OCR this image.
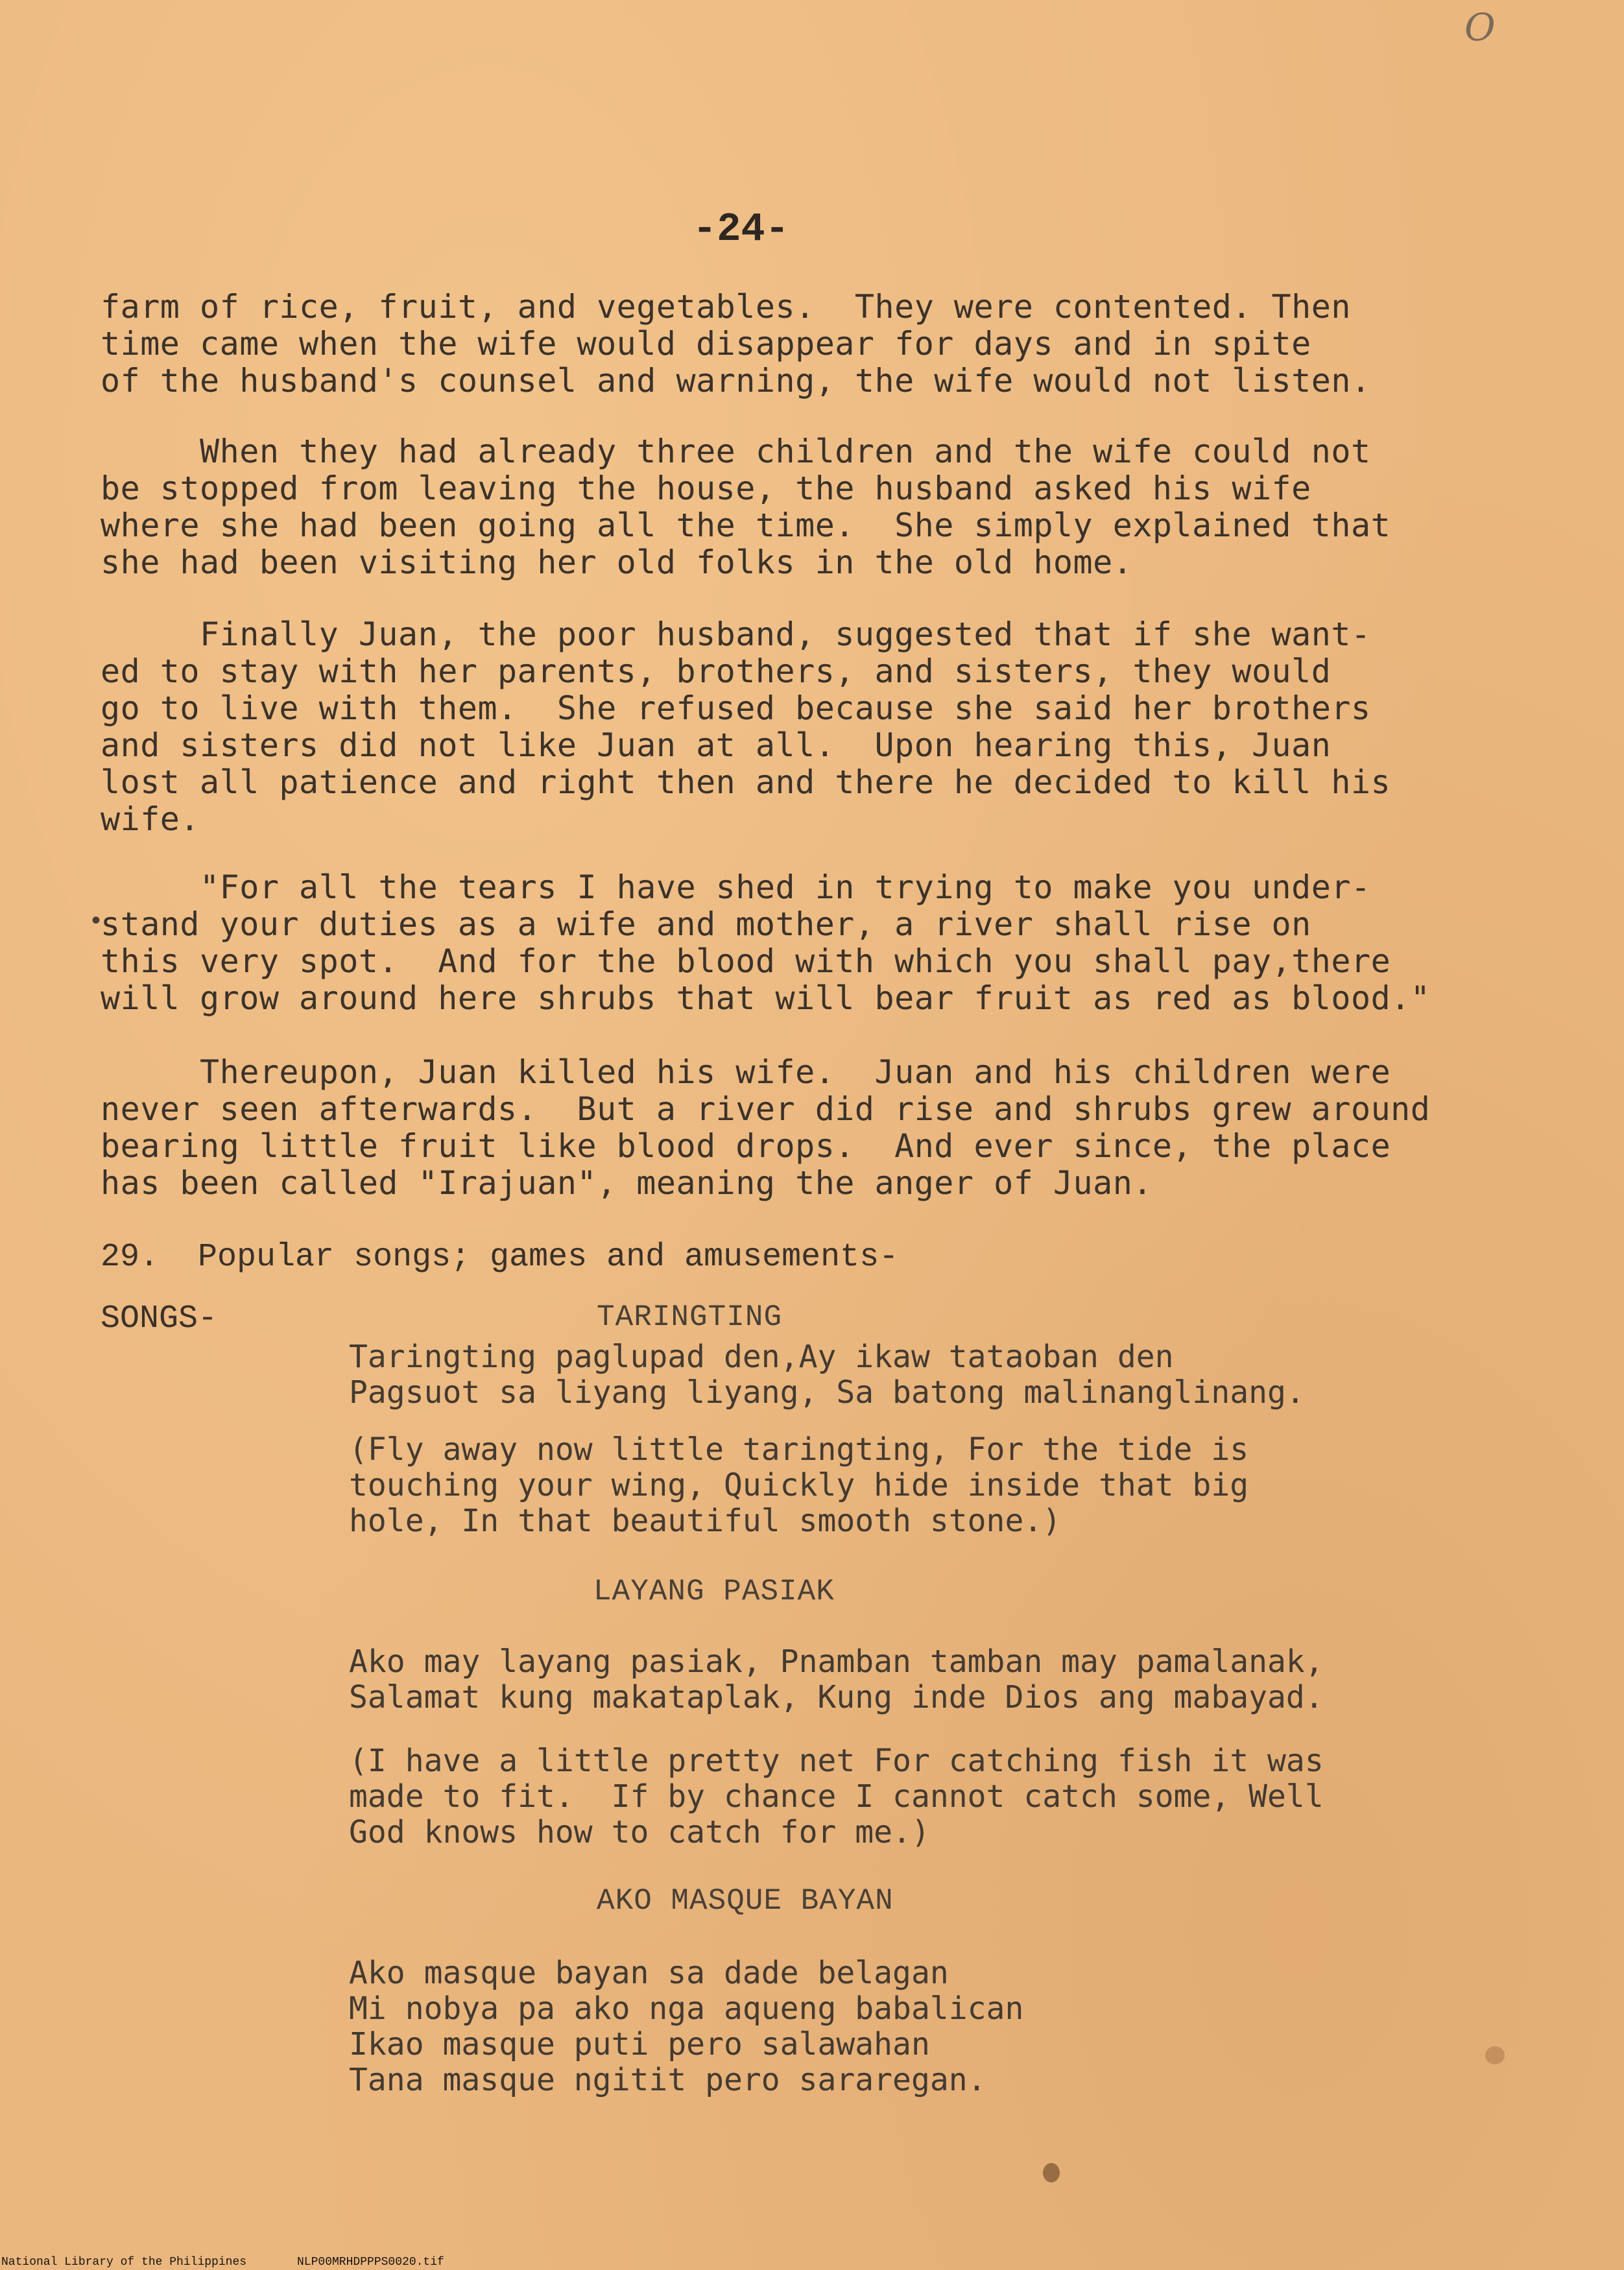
O
-24-
farm of rice, fruit, and vegetables.  They were contented. Then
time came when the wife would disappear for days and in spite
of the husband's counsel and warning, the wife would not listen.
When they had already three children and the wife could not
be stopped from leaving the house, the husband asked his wife
where she had been going all the time.  She simply explained that
she had been visiting her old folks in the old home.
Finally Juan, the poor husband, suggested that if she want-
ed to stay with her parents, brothers, and sisters, they would
go to live with them.  She refused because she said her brothers
and sisters did not like Juan at all.  Upon hearing this, Juan
lost all patience and right then and there he decided to kill his
wife.
"For all the tears I have shed in trying to make you under-
stand your duties as a wife and mother, a river shall rise on
this very spot.  And for the blood with which you shall pay,there
will grow around here shrubs that will bear fruit as red as blood."
Thereupon, Juan killed his wife.  Juan and his children were
never seen afterwards.  But a river did rise and shrubs grew around
bearing little fruit like blood drops.  And ever since, the place
has been called "Irajuan", meaning the anger of Juan.
•
29.  Popular songs; games and amusements-
SONGS-	TARINGTING
Taringting paglupad den,Ay ikaw tataoban den
Pagsuot sa liyang liyang, Sa batong malinanglinang.
(Fly away now little taringting, For the tide is
touching your wing, Quickly hide inside that big
hole, In that beautiful smooth stone.)
LAYANG PASIAK
Ako may layang pasiak, Pnamban tamban may pamalanak,
Salamat kung makataplak, Kung inde Dios ang mabayad.
(I have a little pretty net For catching fish it was
made to fit.  If by chance I cannot catch some, Well
God knows how to catch for me.)
AKO MASQUE BAYAN
Ako masque bayan sa dade belagan
Mi nobya pa ako nga aqueng babalican
Ikao masque puti pero salawahan
Tana masque ngitit pero sararegan.
National Library of the Philippines	NLP00MRHDPPPS0020.tif
